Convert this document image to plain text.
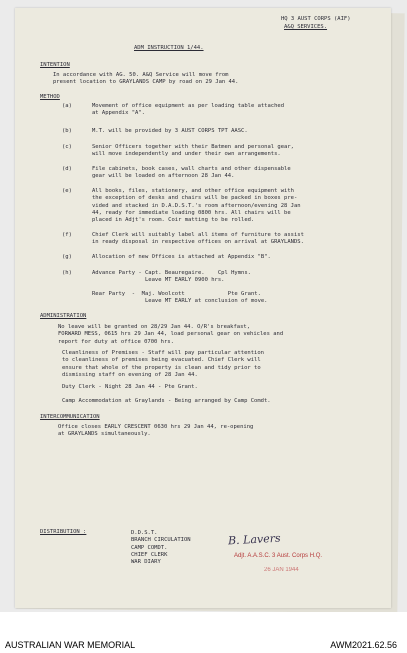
HQ 3 AUST CORPS (AIF)
A&Q SERVICES.
ADM INSTRUCTION 1/44.
INTENTION
In accordance with AG. 50. A&Q Service will move from
present location to GRAYLANDS CAMP by road on 29 Jan 44.
METHOD
(a)	Movement of office equipment as per loading table attached
at Appendix "A".
(b)	M.T. will be provided by 3 AUST CORPS TPT AASC.
(c)	Senior Officers together with their Batmen and personal gear,
will move independently and under their own arrangements.
(d)	File cabinets, book cases, wall charts and other dispensable
gear will be loaded on afternoon 28 Jan 44.
(e)	All books, files, stationery, and other office equipment with
the exception of desks and chairs will be packed in boxes pre-
vided and stacked in D.A.D.S.T.'s room afternoon/evening 28 Jan
44, ready for immediate loading 0800 hrs. All chairs will be
placed in Adjt's room. Coir matting to be rolled.
(f)	Chief Clerk will suitably label all items of furniture to assist
in ready disposal in respective offices on arrival at GRAYLANDS.
(g)	Allocation of new Offices is attached at Appendix "B".
(h)	Advance Party - Capt. Beauregaire.    Cpl Hymns.
Leave MT EARLY 0900 hrs.
Rear Party  -  Maj. Woolcott             Pte Grant.
Leave MT EARLY at conclusion of move.
ADMINISTRATION
No leave will be granted on 28/29 Jan 44. O/R's breakfast,
FORWARD MESS, 0615 hrs 29 Jan 44, load personal gear on vehicles and
report for duty at office 0700 hrs.
Cleanliness of Premises - Staff will pay particular attention
to cleanliness of premises being evacuated. Chief Clerk will
ensure that whole of the property is clean and tidy prior to
dismissing staff on evening of 28 Jan 44.
Duty Clerk - Night 28 Jan 44 - Pte Grant.
Camp Accommodation at Graylands - Being arranged by Camp Comdt.
INTERCOMMUNICATION
Office closes EARLY CRESCENT 0630 hrs 29 Jan 44, re-opening
at GRAYLANDS simultaneously.
DISTRIBUTION :	D.D.S.T.
BRANCH CIRCULATION
CAMP COMDT.
CHIEF CLERK
WAR DIARY
B. Lavers
Adjt. A.A.S.C. 3 Aust. Corps H.Q.
26 JAN 1944
AUSTRALIAN WAR MEMORIAL	AWM2021.62.56
